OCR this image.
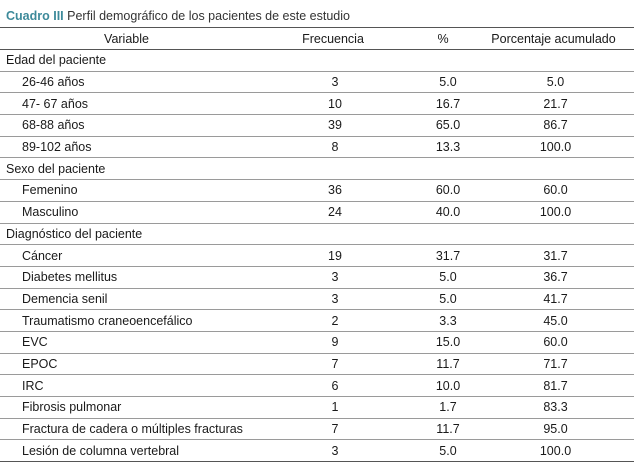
Cuadro III Perfil demográfico de los pacientes de este estudio
Variable	Frecuencia	%	Porcentaje acumulado
Edad del paciente			
26-46 años	3	5.0	5.0
47- 67 años	10	16.7	21.7
68-88 años	39	65.0	86.7
89-102 años	8	13.3	100.0
Sexo del paciente			
Femenino	36	60.0	60.0
Masculino	24	40.0	100.0
Diagnóstico del paciente			
Cáncer	19	31.7	31.7
Diabetes mellitus	3	5.0	36.7
Demencia senil	3	5.0	41.7
Traumatismo craneoencefálico	2	3.3	45.0
EVC	9	15.0	60.0
EPOC	7	11.7	71.7
IRC	6	10.0	81.7
Fibrosis pulmonar	1	1.7	83.3
Fractura de cadera o múltiples fracturas	7	11.7	95.0
Lesión de columna vertebral	3	5.0	100.0
